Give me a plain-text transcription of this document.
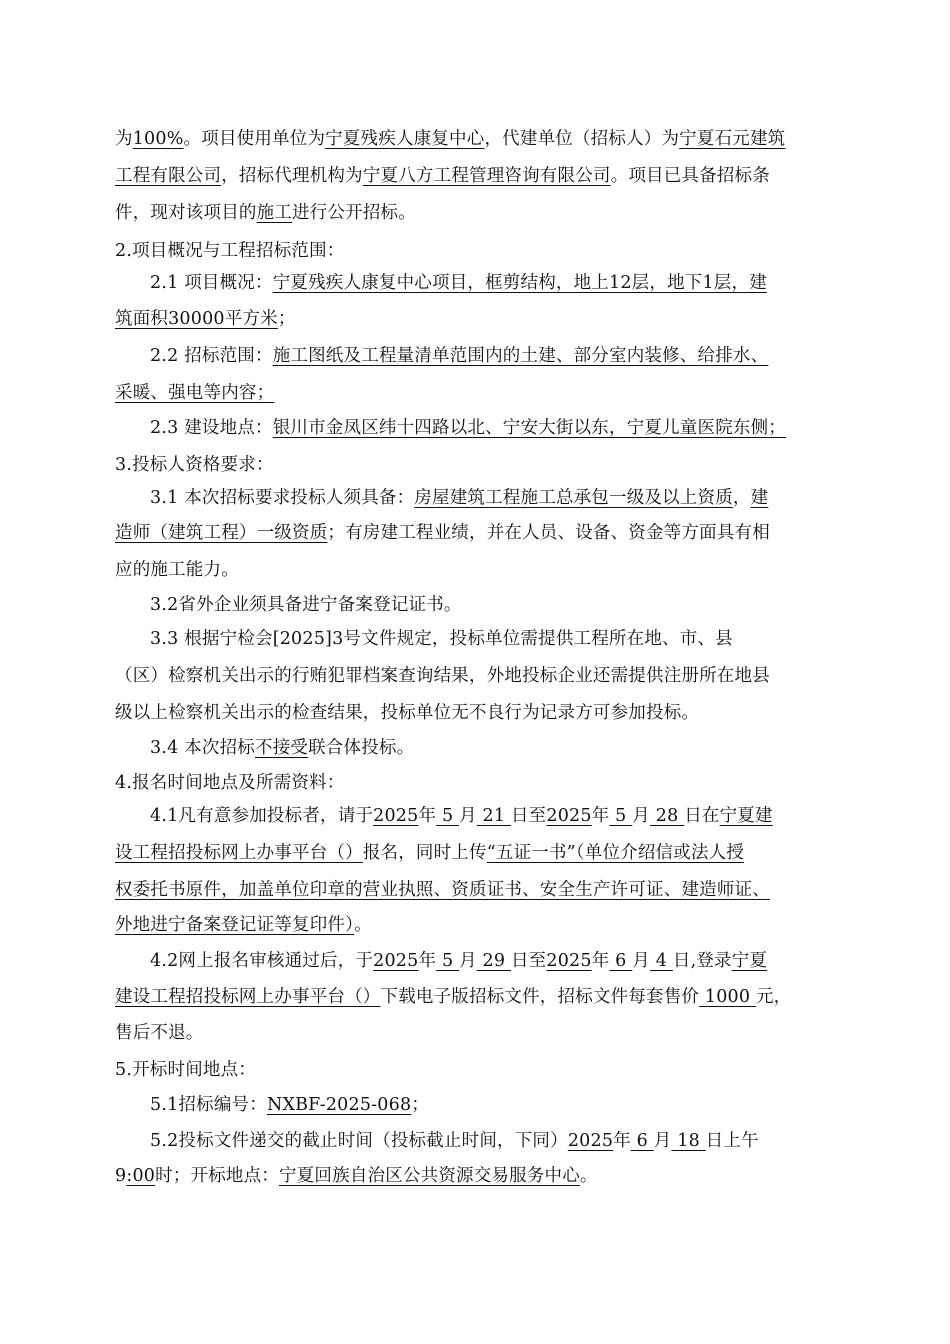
为100%。项目使用单位为宁夏残疾人康复中心，代建单位（招标人）为宁夏石元建筑
工程有限公司，招标代理机构为宁夏八方工程管理咨询有限公司。项目已具备招标条
件，现对该项目的施工进行公开招标。
2.项目概况与工程招标范围：
2.1 项目概况：宁夏残疾人康复中心项目，框剪结构，地上12层，地下1层，建
筑面积30000平方米；
2.2 招标范围：施工图纸及工程量清单范围内的土建、部分室内装修、给排水、
采暖、强电等内容；
2.3 建设地点：银川市金凤区纬十四路以北、宁安大街以东，宁夏儿童医院东侧；
3.投标人资格要求：
3.1 本次招标要求投标人须具备：房屋建筑工程施工总承包一级及以上资质，建
造师（建筑工程）一级资质；有房建工程业绩，并在人员、设备、资金等方面具有相
应的施工能力。
3.2省外企业须具备进宁备案登记证书。
3.3 根据宁检会[2025]3号文件规定，投标单位需提供工程所在地、市、县
（区）检察机关出示的行贿犯罪档案查询结果，外地投标企业还需提供注册所在地县
级以上检察机关出示的检查结果，投标单位无不良行为记录方可参加投标。
3.4 本次招标不接受联合体投标。
4.报名时间地点及所需资料：
4.1凡有意参加投标者，请于2025年 5 月 21 日至2025年 5 月 28 日在宁夏建
设工程招投标网上办事平台（）报名，同时上传“五证一书”（单位介绍信或法人授
权委托书原件，加盖单位印章的营业执照、资质证书、安全生产许可证、建造师证、
外地进宁备案登记证等复印件）。
4.2网上报名审核通过后，于2025年 5 月 29 日至2025年 6 月 4 日,登录宁夏
建设工程招投标网上办事平台（）下载电子版招标文件，招标文件每套售价 1000 元，
售后不退。
5.开标时间地点：
5.1招标编号：NXBF-2025-068；
5.2投标文件递交的截止时间（投标截止时间，下同）2025年 6 月 18 日上午
9:00时；开标地点：宁夏回族自治区公共资源交易服务中心。
